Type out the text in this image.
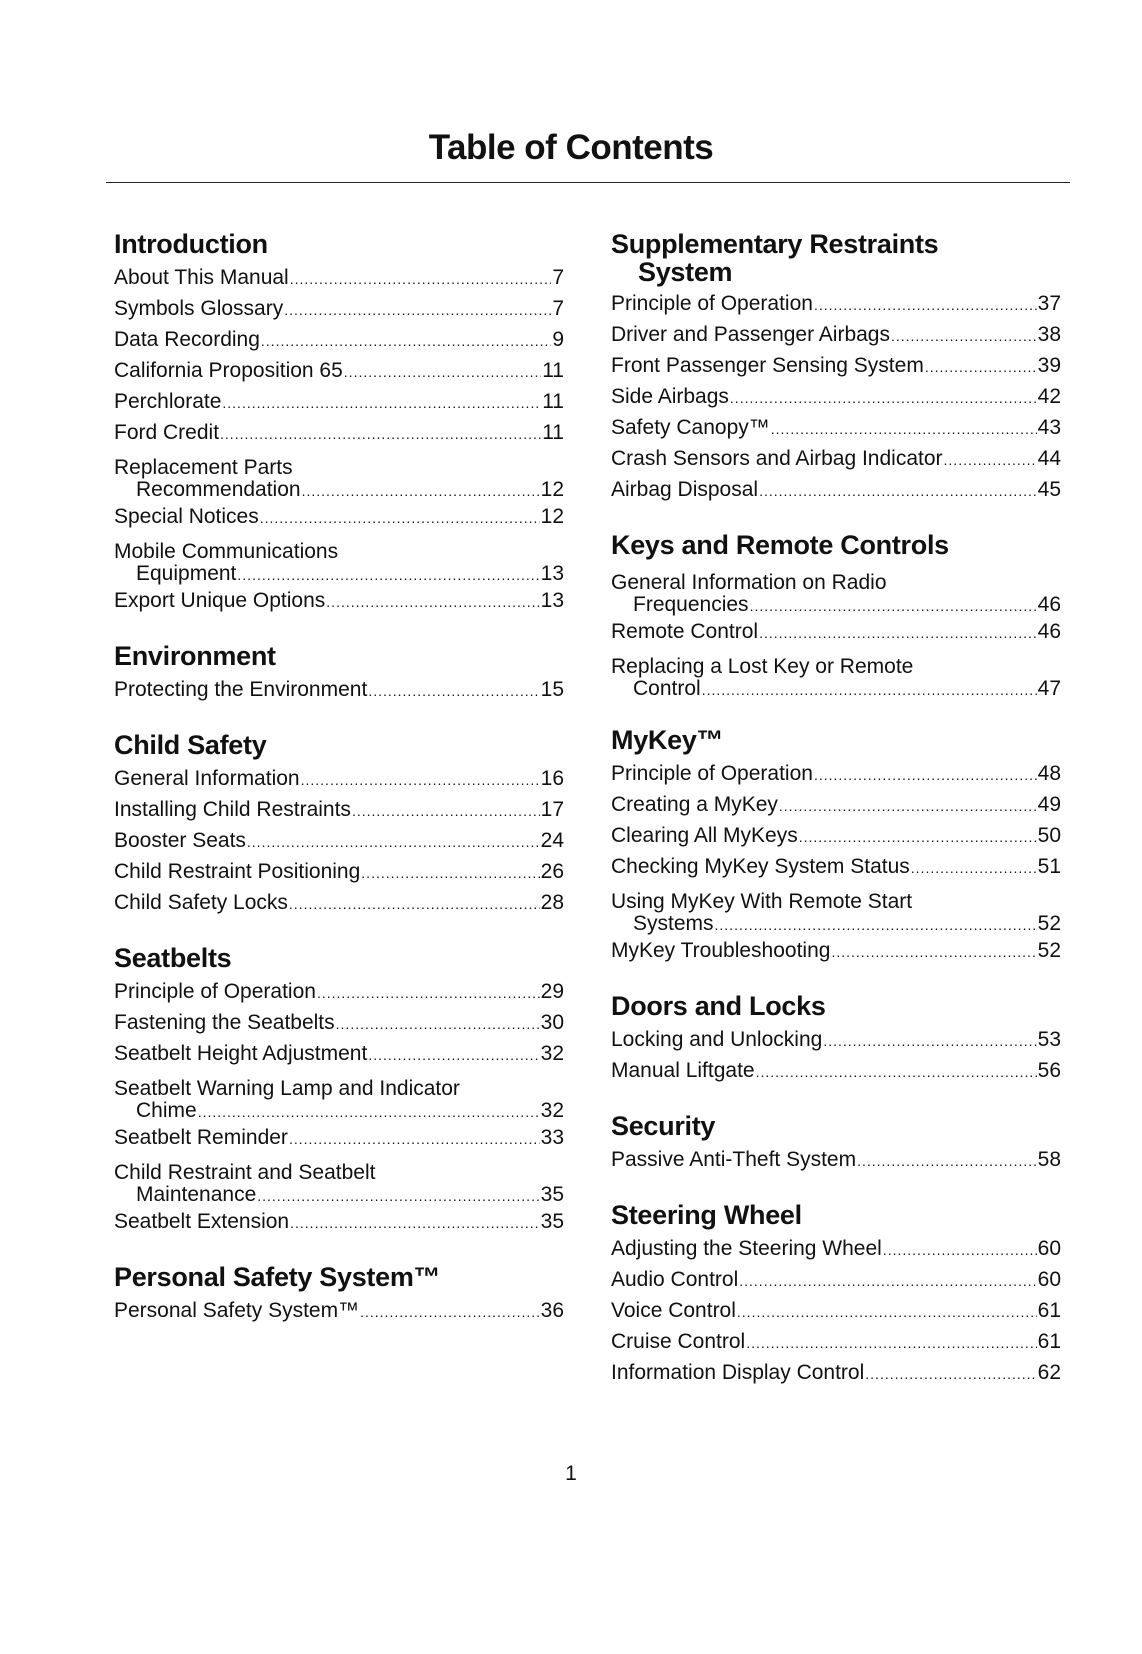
Table of Contents
Introduction
About This Manual .....	7
Symbols Glossary .....	7
Data Recording .....	9
California Proposition 65 .....	11
Perchlorate .....	11
Ford Credit .....	11
Replacement Parts
Recommendation .....	12
Special Notices .....	12
Mobile Communications
Equipment .....	13
Export Unique Options .....	13
Environment
Protecting the Environment .....	15
Child Safety
General Information .....	16
Installing Child Restraints .....	17
Booster Seats .....	24
Child Restraint Positioning .....	26
Child Safety Locks .....	28
Seatbelts
Principle of Operation .....	29
Fastening the Seatbelts .....	30
Seatbelt Height Adjustment .....	32
Seatbelt Warning Lamp and Indicator
Chime .....	32
Seatbelt Reminder .....	33
Child Restraint and Seatbelt
Maintenance .....	35
Seatbelt Extension .....	35
Personal Safety System™
Personal Safety System™ .....	36
Supplementary Restraints
System
Principle of Operation .....	37
Driver and Passenger Airbags .....	38
Front Passenger Sensing System .....	39
Side Airbags .....	42
Safety Canopy™ .....	43
Crash Sensors and Airbag Indicator .....	44
Airbag Disposal .....	45
Keys and Remote Controls
General Information on Radio
Frequencies .....	46
Remote Control .....	46
Replacing a Lost Key or Remote
Control .....	47
MyKey™
Principle of Operation .....	48
Creating a MyKey .....	49
Clearing All MyKeys .....	50
Checking MyKey System Status .....	51
Using MyKey With Remote Start
Systems .....	52
MyKey Troubleshooting .....	52
Doors and Locks
Locking and Unlocking .....	53
Manual Liftgate .....	56
Security
Passive Anti-Theft System .....	58
Steering Wheel
Adjusting the Steering Wheel .....	60
Audio Control .....	60
Voice Control .....	61
Cruise Control .....	61
Information Display Control .....	62
1
